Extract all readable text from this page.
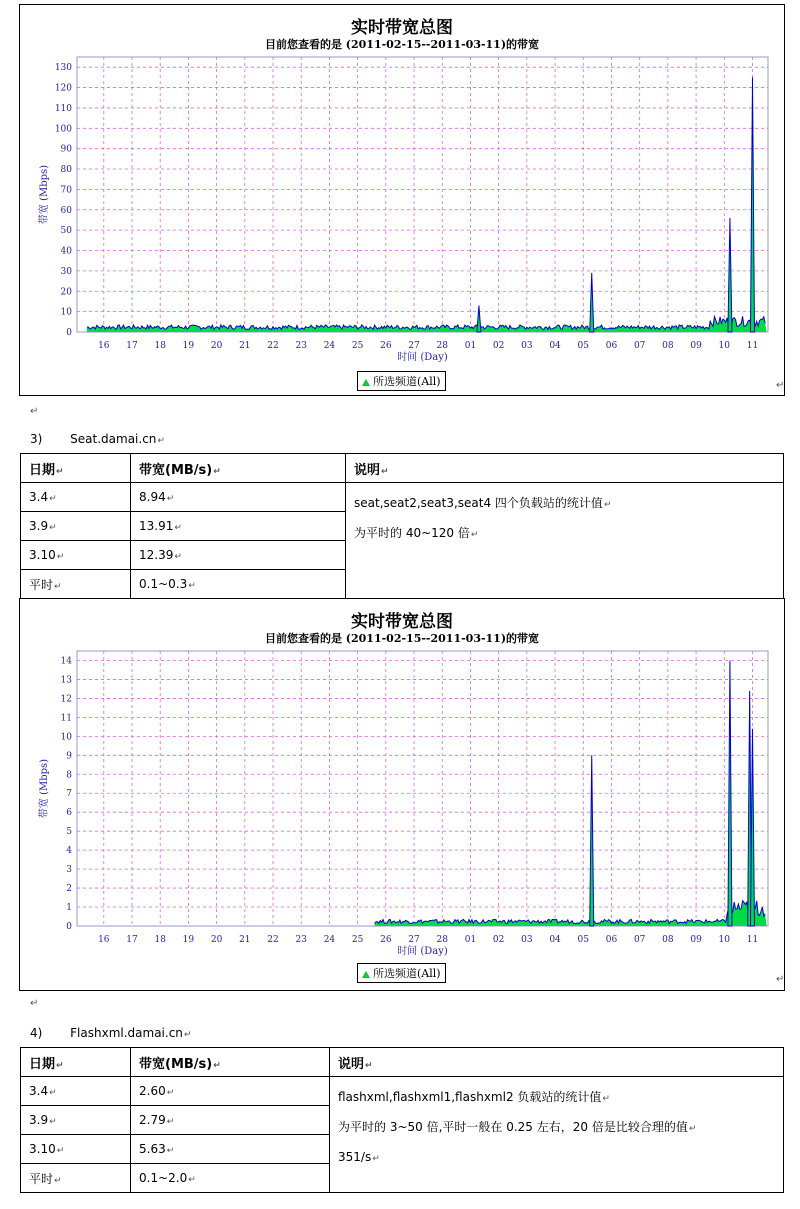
实时带宽总图
目前您查看的是 (2011-02-15--2011-03-11)的带宽
0
10
20
30
40
50
60
70
80
90
100
110
120
130
16 17 18 19 20 21 22 23 24 25 26 27 28 01 02 03 04 05 06 07 08 09 10 11
时间 (Day)
带宽 (Mbps)
所选频道(All)	↵
↵
3) Seat.damai.cn↵
日期↵	带宽(MB/s)↵	说明↵
3.4↵	8.94↵	seat,seat2,seat3,seat4 四个负载站的统计值↵
为平时的 40~120 倍↵

3.9↵	13.91↵	
3.10↵	12.39↵	
平时↵	0.1~0.3↵	
实时带宽总图
目前您查看的是 (2011-02-15--2011-03-11)的带宽
0
1
2
3
4
5
6
7
8
9
10
11
12
13
14
16 17 18 19 20 21 22 23 24 25 26 27 28 01 02 03 04 05 06 07 08 09 10 11
时间 (Day)
带宽 (Mbps)
所选频道(All)	↵
↵
4) Flashxml.damai.cn↵
日期↵	带宽(MB/s)↵	说明↵
3.4↵	2.60↵	flashxml,flashxml1,flashxml2 负载站的统计值↵
为平时的 3~50 倍,平时一般在 0.25 左右，20 倍是比较合理的值↵
351/s↵

3.9↵	2.79↵	
3.10↵	5.63↵	
平时↵	0.1~2.0↵	
